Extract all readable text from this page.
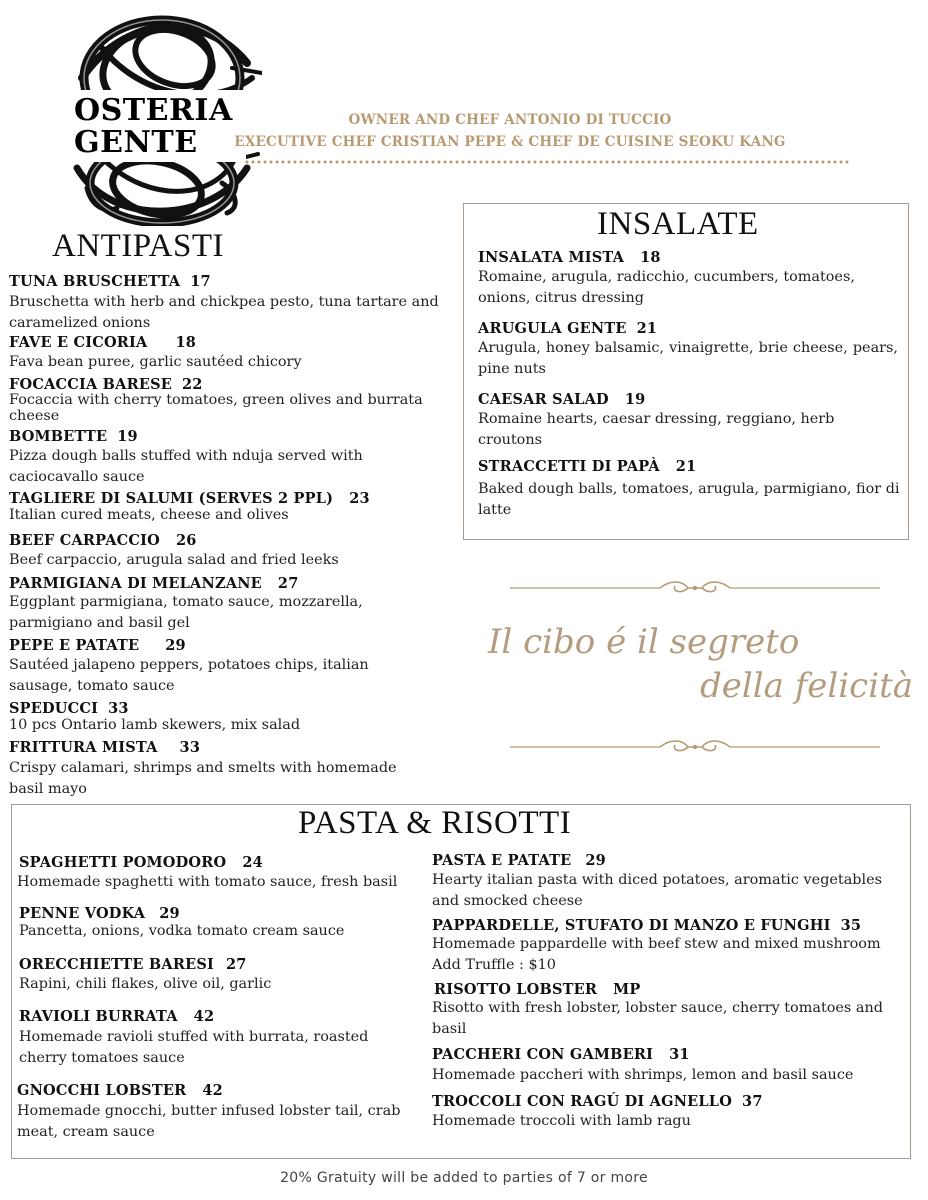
OSTERIA
GENTE
OWNER AND CHEF ANTONIO DI TUCCIO
EXECUTIVE CHEF CRISTIAN PEPE & CHEF DE CUISINE SEOKU KANG
ANTIPASTI
TUNA BRUSCHETTA 17
Bruschetta with herb and chickpea pesto, tuna tartare and caramelized onions
FAVE E CICORIA 18
Fava bean puree, garlic sautéed chicory
FOCACCIA BARESE 22
Focaccia with cherry tomatoes, green olives and burrata cheese
BOMBETTE 19
Pizza dough balls stuffed with nduja served with caciocavallo sauce
TAGLIERE DI SALUMI (SERVES 2 PPL) 23
Italian cured meats, cheese and olives
BEEF CARPACCIO 26
Beef carpaccio, arugula salad and fried leeks
PARMIGIANA DI MELANZANE 27
Eggplant parmigiana, tomato sauce, mozzarella, parmigiano and basil gel
PEPE E PATATE 29
Sautéed jalapeno peppers, potatoes chips, italian sausage, tomato sauce
SPEDUCCI 33
10 pcs Ontario lamb skewers, mix salad
FRITTURA MISTA 33
Crispy calamari, shrimps and smelts with homemade basil mayo
INSALATE
INSALATA MISTA 18
Romaine, arugula, radicchio, cucumbers, tomatoes, onions, citrus dressing
ARUGULA GENTE 21
Arugula, honey balsamic, vinaigrette, brie cheese, pears, pine nuts
CAESAR SALAD 19
Romaine hearts, caesar dressing, reggiano, herb croutons
STRACCETTI DI PAPÀ 21
Baked dough balls, tomatoes, arugula, parmigiano, fior di latte
Il cibo é il segreto
della felicità
PASTA & RISOTTI
SPAGHETTI POMODORO 24
Homemade spaghetti with tomato sauce, fresh basil
PENNE VODKA 29
Pancetta, onions, vodka tomato cream sauce
ORECCHIETTE BARESI 27
Rapini, chili flakes, olive oil, garlic
RAVIOLI BURRATA 42
Homemade ravioli stuffed with burrata, roasted cherry tomatoes sauce
GNOCCHI LOBSTER 42
Homemade gnocchi, butter infused lobster tail, crab meat, cream sauce
PASTA E PATATE 29
Hearty italian pasta with diced potatoes, aromatic vegetables and smocked cheese
PAPPARDELLE, STUFATO DI MANZO E FUNGHI 35
Homemade pappardelle with beef stew and mixed mushroom
Add Truffle : $10
RISOTTO LOBSTER MP
Risotto with fresh lobster, lobster sauce, cherry tomatoes and basil
PACCHERI CON GAMBERI 31
Homemade paccheri with shrimps, lemon and basil sauce
TROCCOLI CON RAGÚ DI AGNELLO 37
Homemade troccoli with lamb ragu
20% Gratuity will be added to parties of 7 or more
